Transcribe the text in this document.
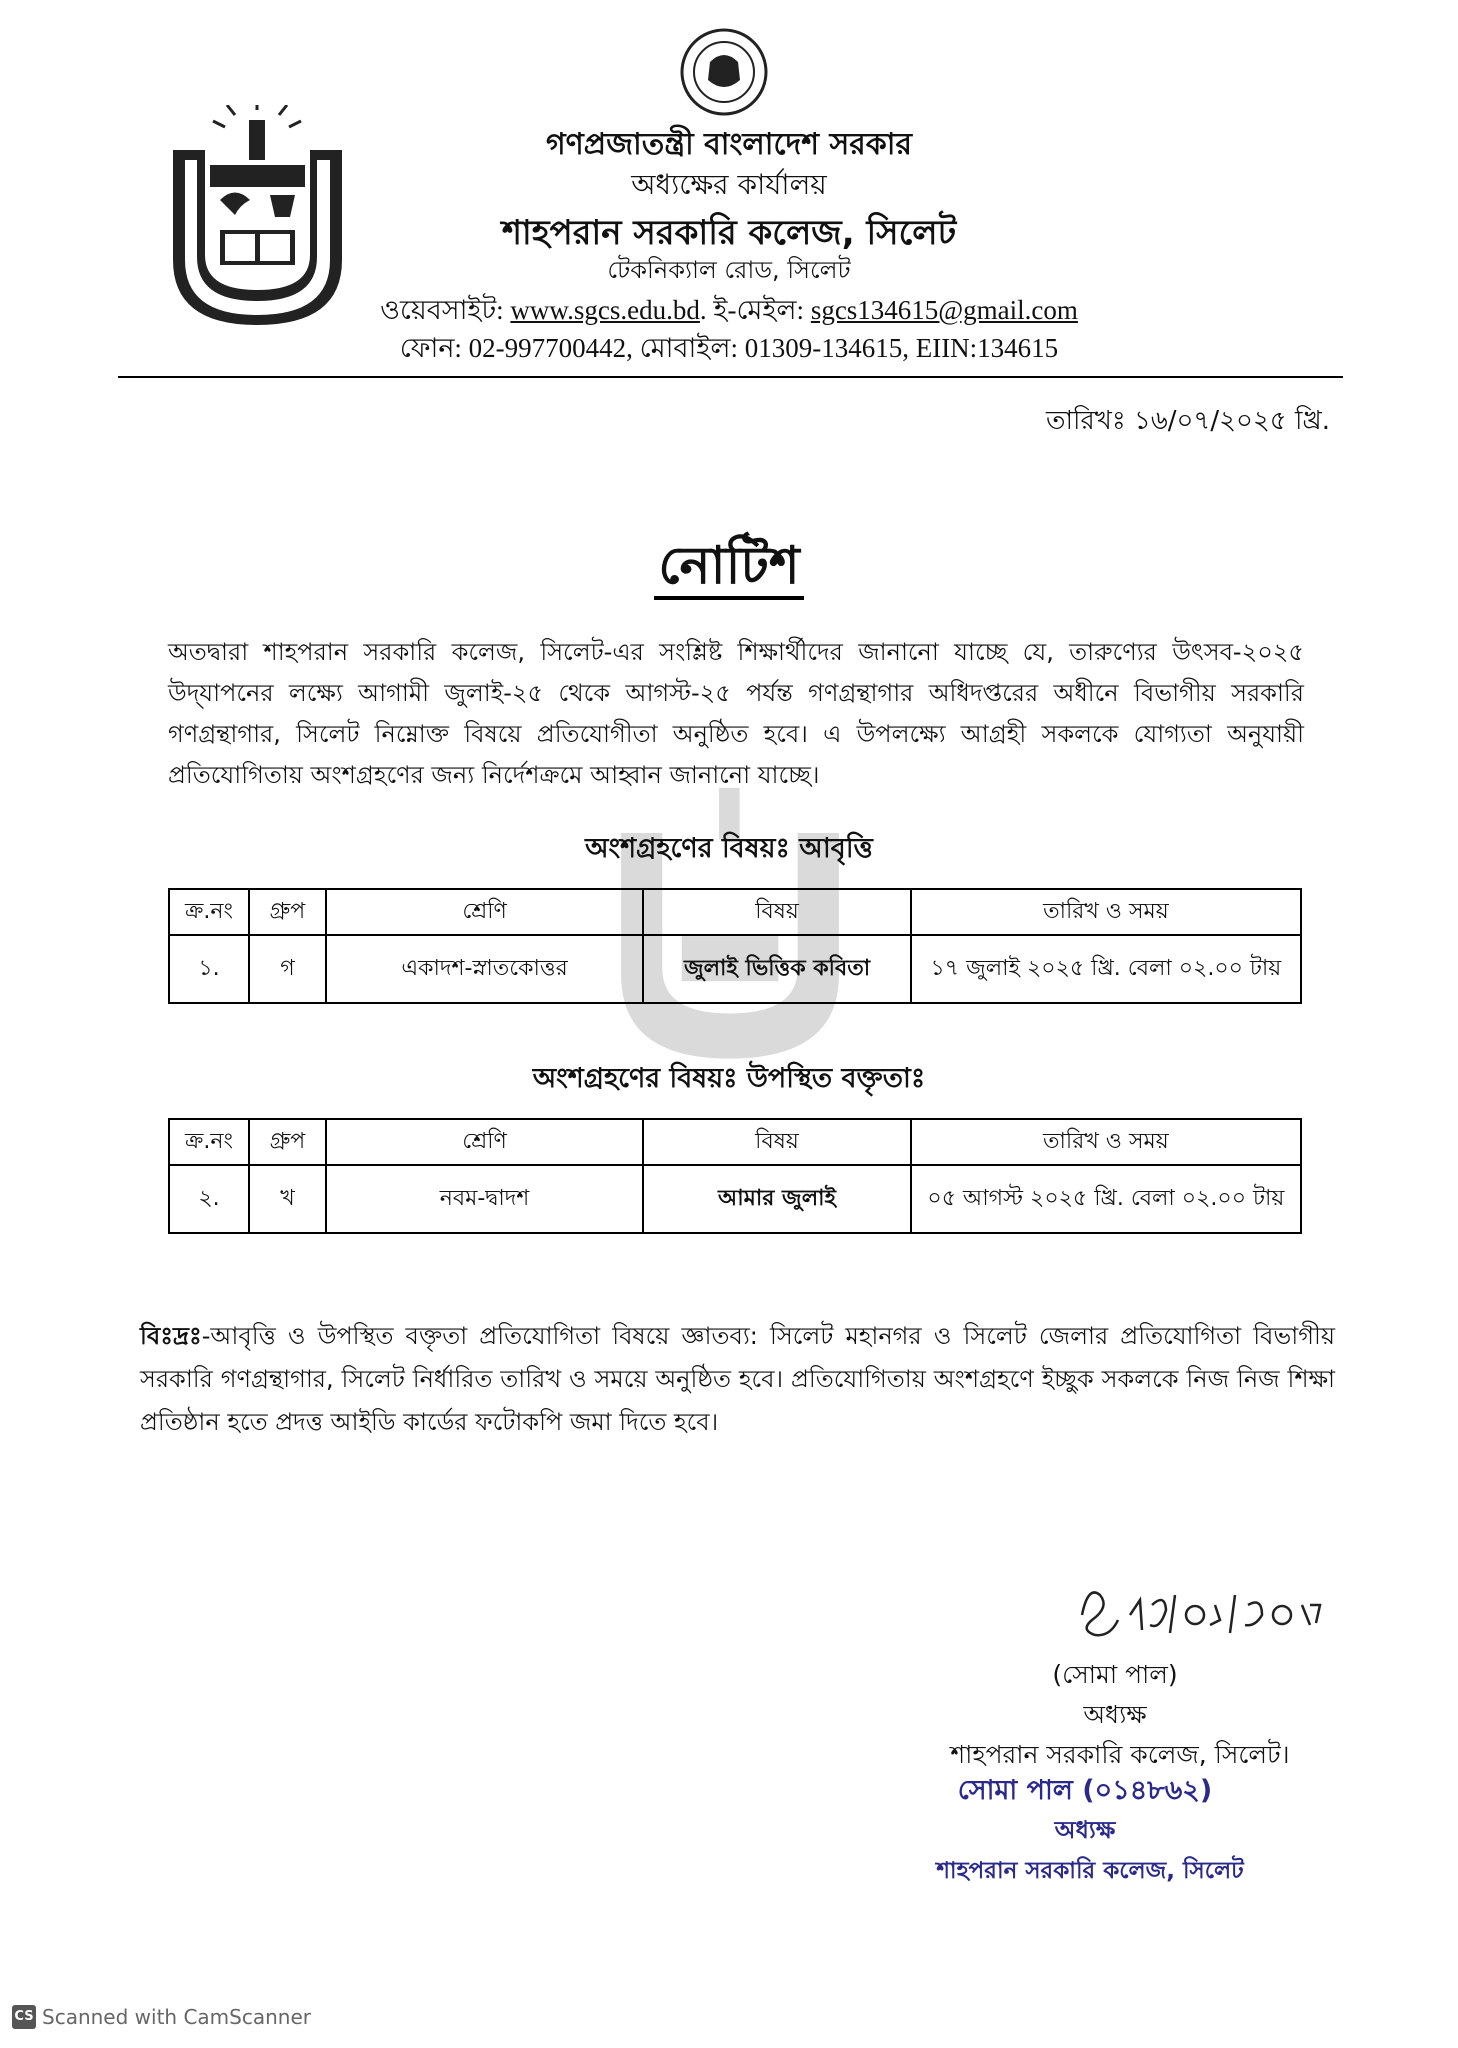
গণপ্রজাতন্ত্রী বাংলাদেশ সরকার
অধ্যক্ষের কার্যালয়
শাহপরান সরকারি কলেজ, সিলেট
টেকনিক্যাল রোড, সিলেট
ওয়েবসাইট: www.sgcs.edu.bd. ই-মেইল: sgcs134615@gmail.com
ফোন: 02-997700442, মোবাইল: 01309-134615, EIIN:134615
তারিখঃ ১৬/০৭/২০২৫ খ্রি.
নোটিশ
অতদ্বারা শাহপরান সরকারি কলেজ, সিলেট-এর সংশ্লিষ্ট শিক্ষার্থীদের জানানো যাচ্ছে যে, তারুণ্যের উৎসব-২০২৫ উদ্‌যাপনের লক্ষ্যে আগামী জুলাই-২৫ থেকে আগস্ট-২৫ পর্যন্ত গণগ্রন্থাগার অধিদপ্তরের অধীনে বিভাগীয় সরকারি গণগ্রন্থাগার, সিলেট নিম্নোক্ত বিষয়ে প্রতিযোগীতা অনুষ্ঠিত হবে। এ উপলক্ষ্যে আগ্রহী সকলকে যোগ্যতা অনুযায়ী প্রতিযোগিতায় অংশগ্রহণের জন্য নির্দেশক্রমে আহ্বান জানানো যাচ্ছে।
অংশগ্রহণের বিষয়ঃ আবৃত্তি
ক্র.নং	গ্রুপ	শ্রেণি	বিষয়	তারিখ ও সময়
১.	গ	একাদশ-স্নাতকোত্তর	জুলাই ভিত্তিক কবিতা	১৭ জুলাই ২০২৫ খ্রি. বেলা ০২.০০ টায়
অংশগ্রহণের বিষয়ঃ উপস্থিত বক্তৃতাঃ
ক্র.নং	গ্রুপ	শ্রেণি	বিষয়	তারিখ ও সময়
২.	খ	নবম-দ্বাদশ	আমার জুলাই	০৫ আগস্ট ২০২৫ খ্রি. বেলা ০২.০০ টায়
বিঃদ্রঃ-আবৃত্তি ও উপস্থিত বক্তৃতা প্রতিযোগিতা বিষয়ে জ্ঞাতব্য: সিলেট মহানগর ও সিলেট জেলার প্রতিযোগিতা বিভাগীয় সরকারি গণগ্রন্থাগার, সিলেট নির্ধারিত তারিখ ও সময়ে অনুষ্ঠিত হবে। প্রতিযোগিতায় অংশগ্রহণে ইচ্ছুক সকলকে নিজ নিজ শিক্ষা প্রতিষ্ঠান হতে প্রদত্ত আইডি কার্ডের ফটোকপি জমা দিতে হবে।
(সোমা পাল)
অধ্যক্ষ
শাহপরান সরকারি কলেজ, সিলেট।
সোমা পাল (০১৪৮৬২)
অধ্যক্ষ
শাহপরান সরকারি কলেজ, সিলেট
CS Scanned with CamScanner
